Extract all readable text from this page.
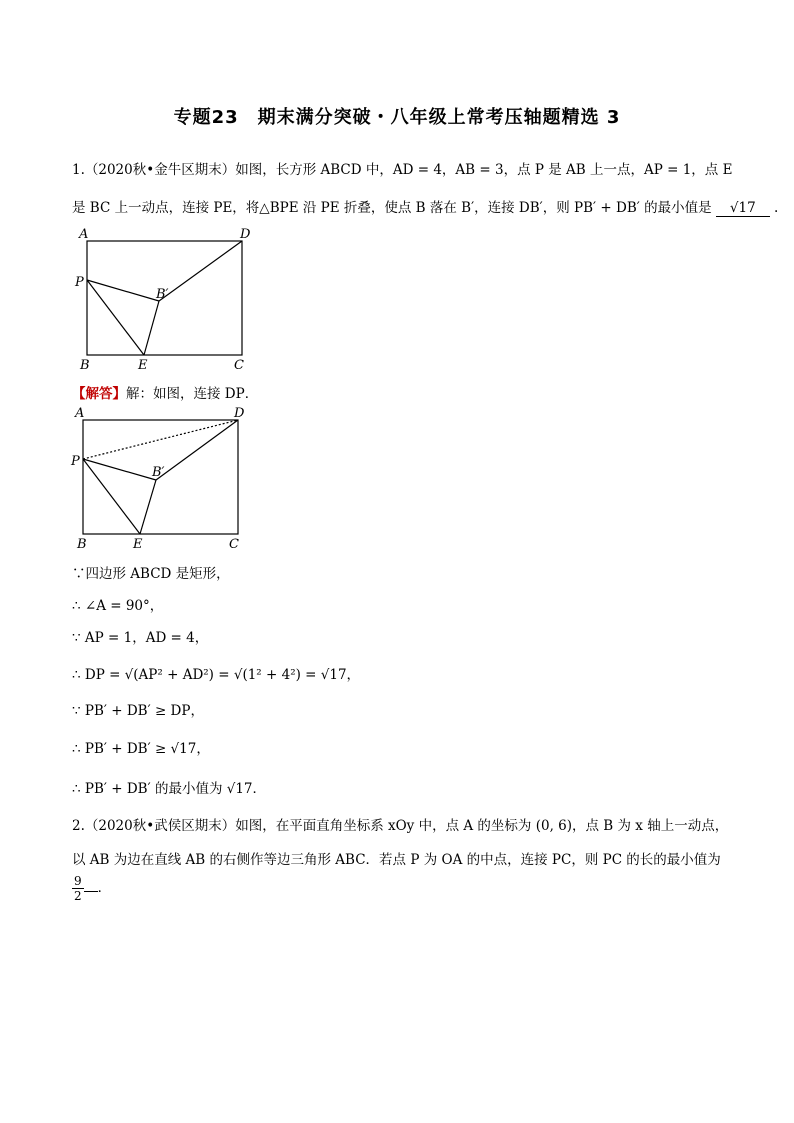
专题23　期末满分突破・八年级上常考压轴题精选 3
1.（2020秋•金牛区期末）如图，长方形 ABCD 中，AD = 4，AB = 3，点 P 是 AB 上一点，AP = 1，点 E
是 BC 上一动点，连接 PE，将△BPE 沿 PE 折叠，使点 B 落在 B′，连接 DB′，则 PB′ + DB′ 的最小值是 √17 .
A	D
P
B′
B	E	C
【解答】解：如图，连接 DP．
A	D
P
B′
B	E	C
∵四边形 ABCD 是矩形，
∴ ∠A = 90°，
∵ AP = 1，AD = 4，
∴ DP = √(AP² + AD²) = √(1² + 4²) = √17，
∵ PB′ + DB′ ≥ DP，
∴ PB′ + DB′ ≥ √17，
∴ PB′ + DB′ 的最小值为 √17．
2.（2020秋•武侯区期末）如图，在平面直角坐标系 xOy 中，点 A 的坐标为 (0, 6)，点 B 为 x 轴上一动点，
以 AB 为边在直线 AB 的右侧作等边三角形 ABC．若点 P 为 OA 的中点，连接 PC，则 PC 的长的最小值为
$\frac{9}{2}$ ．
